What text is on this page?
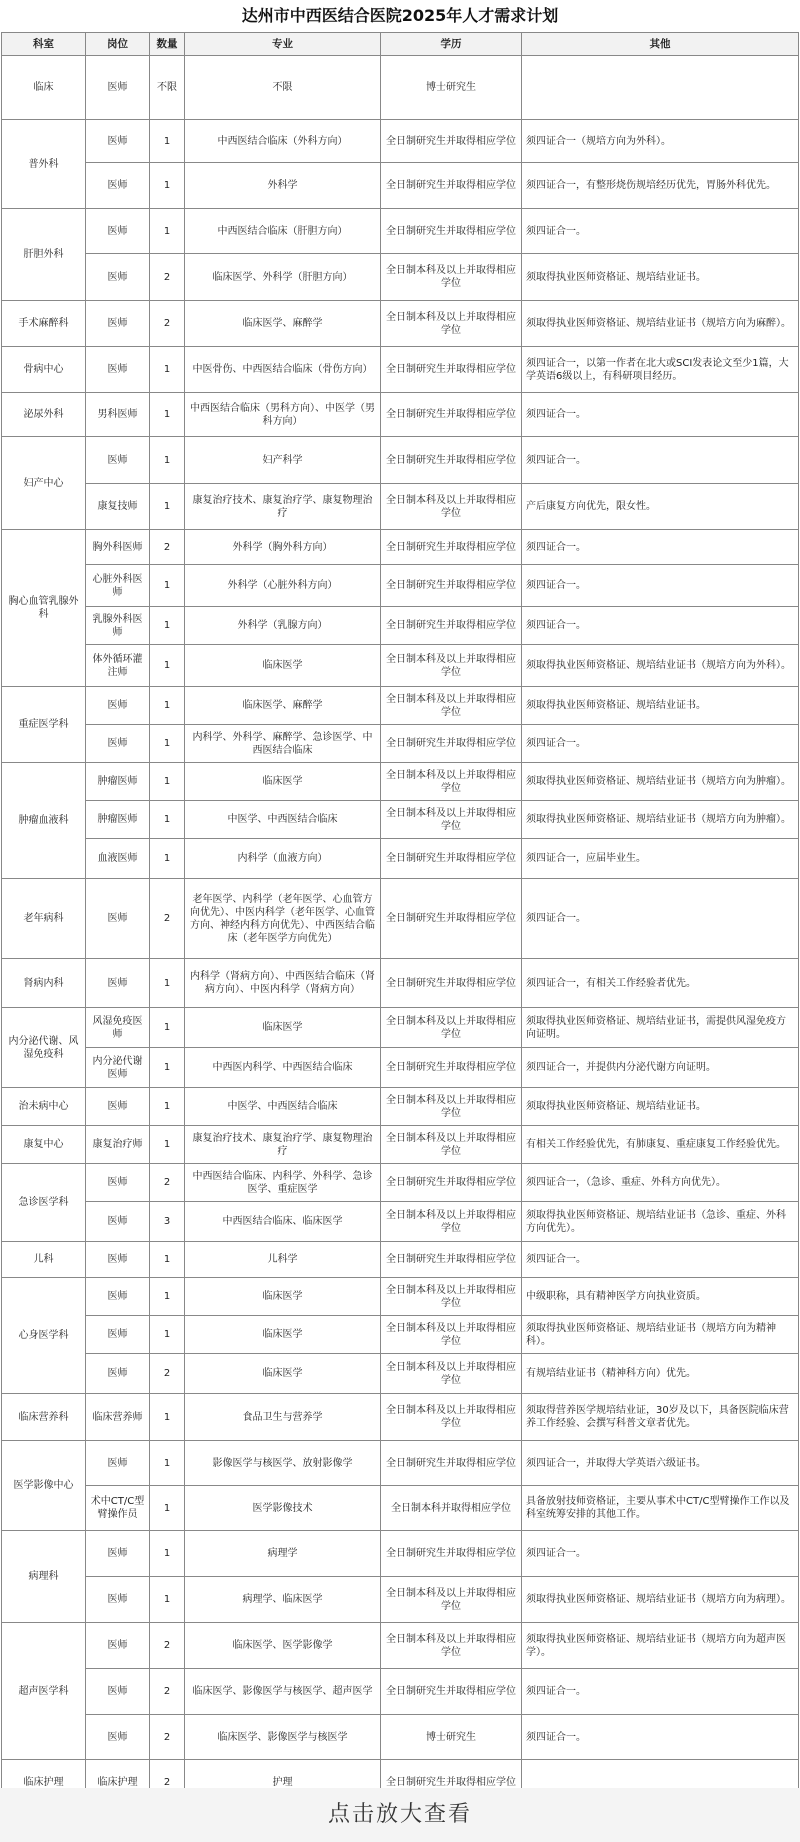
达州市中西医结合医院2025年人才需求计划
科室	岗位	数量	专业	学历	其他
临床	医师	不限	不限	博士研究生	
普外科	医师	1	中西医结合临床（外科方向）	全日制研究生并取得相应学位	须四证合一（规培方向为外科）。
	医师	1	外科学	全日制研究生并取得相应学位	须四证合一，有整形烧伤规培经历优先，胃肠外科优先。
肝胆外科	医师	1	中西医结合临床（肝胆方向）	全日制研究生并取得相应学位	须四证合一。
	医师	2	临床医学、外科学（肝胆方向）	全日制本科及以上并取得相应学位	须取得执业医师资格证、规培结业证书。
手术麻醉科	医师	2	临床医学、麻醉学	全日制本科及以上并取得相应学位	须取得执业医师资格证、规培结业证书（规培方向为麻醉）。
骨病中心	医师	1	中医骨伤、中西医结合临床（骨伤方向）	全日制研究生并取得相应学位	须四证合一，以第一作者在北大或SCI发表论文至少1篇，大学英语6级以上，有科研项目经历。
泌尿外科	男科医师	1	中西医结合临床（男科方向）、中医学（男科方向）	全日制研究生并取得相应学位	须四证合一。
妇产中心	医师	1	妇产科学	全日制研究生并取得相应学位	须四证合一。
	康复技师	1	康复治疗技术、康复治疗学、康复物理治疗	全日制本科及以上并取得相应学位	产后康复方向优先，限女性。
胸心血管乳腺外科	胸外科医师	2	外科学（胸外科方向）	全日制研究生并取得相应学位	须四证合一。
	心脏外科医师	1	外科学（心脏外科方向）	全日制研究生并取得相应学位	须四证合一。
	乳腺外科医师	1	外科学（乳腺方向）	全日制研究生并取得相应学位	须四证合一。
	体外循环灌注师	1	临床医学	全日制本科及以上并取得相应学位	须取得执业医师资格证、规培结业证书（规培方向为外科）。
重症医学科	医师	1	临床医学、麻醉学	全日制本科及以上并取得相应学位	须取得执业医师资格证、规培结业证书。
	医师	1	内科学、外科学、麻醉学、急诊医学、中西医结合临床	全日制研究生并取得相应学位	须四证合一。
肿瘤血液科	肿瘤医师	1	临床医学	全日制本科及以上并取得相应学位	须取得执业医师资格证、规培结业证书（规培方向为肿瘤）。
	肿瘤医师	1	中医学、中西医结合临床	全日制本科及以上并取得相应学位	须取得执业医师资格证、规培结业证书（规培方向为肿瘤）。
	血液医师	1	内科学（血液方向）	全日制研究生并取得相应学位	须四证合一，应届毕业生。
老年病科	医师	2	老年医学、内科学（老年医学、心血管方向优先）、中医内科学（老年医学、心血管方向、神经内科方向优先）、中西医结合临床（老年医学方向优先）	全日制研究生并取得相应学位	须四证合一。
肾病内科	医师	1	内科学（肾病方向）、中西医结合临床（肾病方向）、中医内科学（肾病方向）	全日制研究生并取得相应学位	须四证合一，有相关工作经验者优先。
内分泌代谢、风湿免疫科	风湿免疫医师	1	临床医学	全日制本科及以上并取得相应学位	须取得执业医师资格证、规培结业证书，需提供风湿免疫方向证明。
	内分泌代谢医师	1	中西医内科学、中西医结合临床	全日制研究生并取得相应学位	须四证合一，并提供内分泌代谢方向证明。
治未病中心	医师	1	中医学、中西医结合临床	全日制本科及以上并取得相应学位	须取得执业医师资格证、规培结业证书。
康复中心	康复治疗师	1	康复治疗技术、康复治疗学、康复物理治疗	全日制本科及以上并取得相应学位	有相关工作经验优先，有肺康复、重症康复工作经验优先。
急诊医学科	医师	2	中西医结合临床、内科学、外科学、急诊医学、重症医学	全日制研究生并取得相应学位	须四证合一，（急诊、重症、外科方向优先）。
	医师	3	中西医结合临床、临床医学	全日制本科及以上并取得相应学位	须取得执业医师资格证、规培结业证书（急诊、重症、外科方向优先）。
儿科	医师	1	儿科学	全日制研究生并取得相应学位	须四证合一。
心身医学科	医师	1	临床医学	全日制本科及以上并取得相应学位	中级职称，具有精神医学方向执业资质。
	医师	1	临床医学	全日制本科及以上并取得相应学位	须取得执业医师资格证、规培结业证书（规培方向为精神科）。
	医师	2	临床医学	全日制本科及以上并取得相应学位	有规培结业证书（精神科方向）优先。
临床营养科	临床营养师	1	食品卫生与营养学	全日制本科及以上并取得相应学位	须取得营养医学规培结业证，30岁及以下，具备医院临床营养工作经验、会撰写科普文章者优先。
医学影像中心	医师	1	影像医学与核医学、放射影像学	全日制研究生并取得相应学位	须四证合一，并取得大学英语六级证书。
	术中CT/C型臂操作员	1	医学影像技术	全日制本科并取得相应学位	具备放射技师资格证，主要从事术中CT/C型臂操作工作以及科室统筹安排的其他工作。
病理科	医师	1	病理学	全日制研究生并取得相应学位	须四证合一。
	医师	1	病理学、临床医学	全日制本科及以上并取得相应学位	须取得执业医师资格证、规培结业证书（规培方向为病理）。
超声医学科	医师	2	临床医学、医学影像学	全日制本科及以上并取得相应学位	须取得执业医师资格证、规培结业证书（规培方向为超声医学）。
	医师	2	临床医学、影像医学与核医学、超声医学	全日制研究生并取得相应学位	须四证合一。
	医师	2	临床医学、影像医学与核医学	博士研究生	须四证合一。
临床护理	临床护理	2	护理	全日制研究生并取得相应学位	
点击放大查看
